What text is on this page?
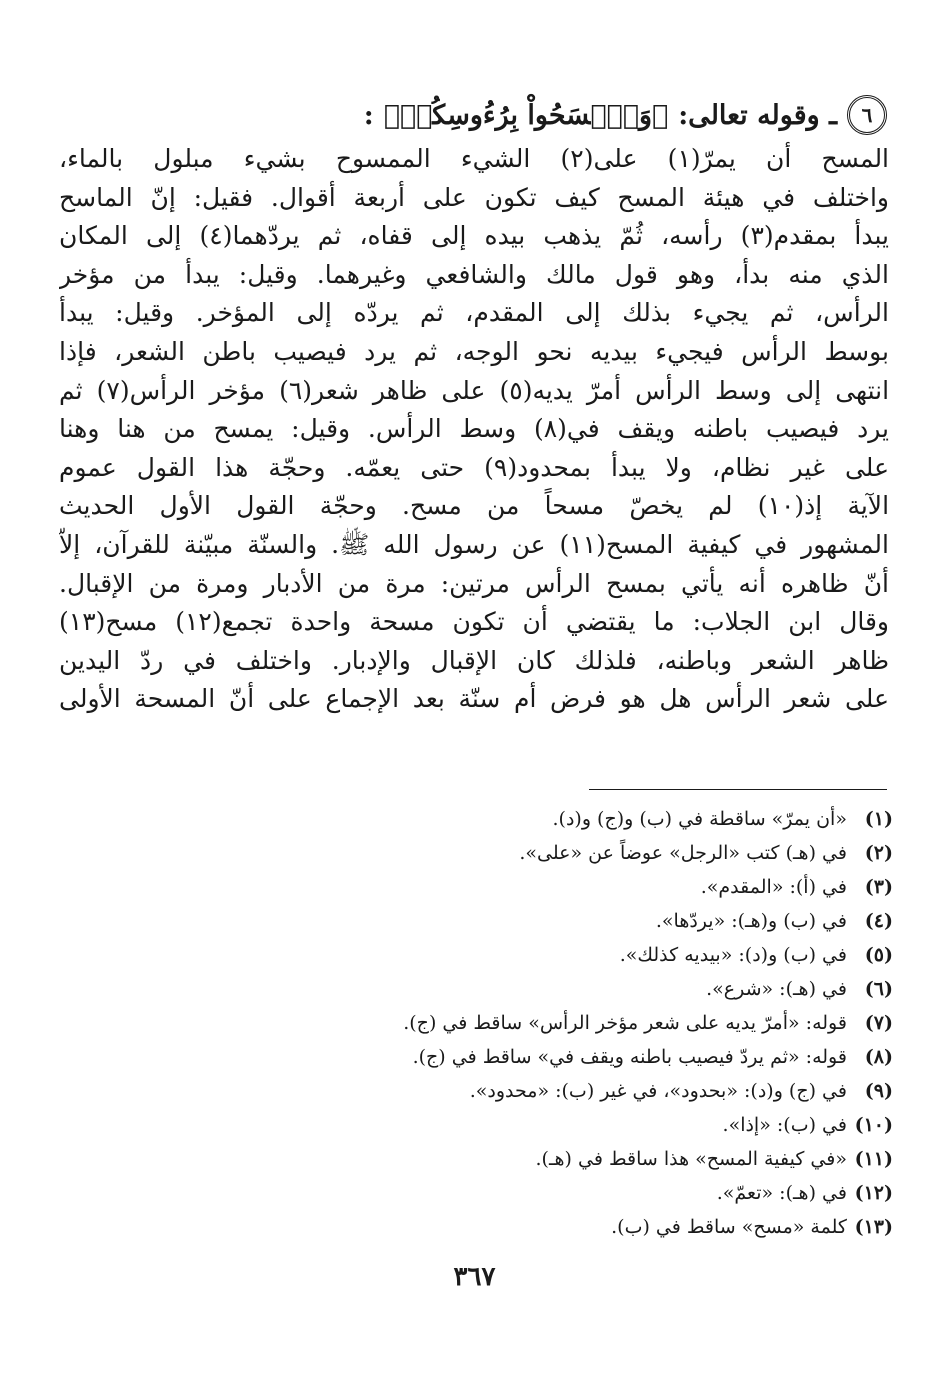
٦
ـ وقوله تعالى:
﴿وَٱمۡسَحُواْ بِرُءُوسِكُمۡ﴾
:
المسح أن يمرّ(١) على(٢) الشيء الممسوح بشيء مبلول بالماء،
واختلف في هيئة المسح كيف تكون على أربعة أقوال. فقيل: إنّ الماسح
يبدأ بمقدم(٣) رأسه، ثُمّ يذهب بيده إلى قفاه، ثم يردّهما(٤) إلى المكان
الذي منه بدأ، وهو قول مالك والشافعي وغيرهما. وقيل: يبدأ من مؤخر
الرأس، ثم يجيء بذلك إلى المقدم، ثم يردّه إلى المؤخر. وقيل: يبدأ
بوسط الرأس فيجيء بيديه نحو الوجه، ثم يرد فيصيب باطن الشعر، فإذا
انتهى إلى وسط الرأس أمرّ يديه(٥) على ظاهر شعر(٦) مؤخر الرأس(٧) ثم
يرد فيصيب باطنه ويقف في(٨) وسط الرأس. وقيل: يمسح من هنا وهنا
على غير نظام، ولا يبدأ بمحدود(٩) حتى يعمّه. وحجّة هذا القول عموم
الآية إذ(١٠) لم يخصّ مسحاً من مسح. وحجّة القول الأول الحديث
المشهور في كيفية المسح(١١) عن رسول الله ﷺ. والسنّة مبيّنة للقرآن، إلاّ
أنّ ظاهره أنه يأتي بمسح الرأس مرتين: مرة من الأدبار ومرة من الإقبال.
وقال ابن الجلاب: ما يقتضي أن تكون مسحة واحدة تجمع(١٢) مسح(١٣)
ظاهر الشعر وباطنه، فلذلك كان الإقبال والإدبار. واختلف في ردّ اليدين
على شعر الرأس هل هو فرض أم سنّة بعد الإجماع على أنّ المسحة الأولى
(١) «أن يمرّ» ساقطة في (ب) و(ج) و(د).
(٢) في (هـ) كتب «الرجل» عوضاً عن «على».
(٣) في (أ): «المقدم».
(٤) في (ب) و(هـ): «يردّها».
(٥) في (ب) و(د): «بيديه كذلك».
(٦) في (هـ): «شرع».
(٧) قوله: «أمرّ يديه على شعر مؤخر الرأس» ساقط في (ج).
(٨) قوله: «ثم يردّ فيصيب باطنه ويقف في» ساقط في (ج).
(٩) في (ج) و(د): «بحدود»، في غير (ب): «محدود».
(١٠) في (ب): «إذا».
(١١) «في كيفية المسح» هذا ساقط في (هـ).
(١٢) في (هـ): «تعمّ».
(١٣) كلمة «مسح» ساقط في (ب).
٣٦٧
